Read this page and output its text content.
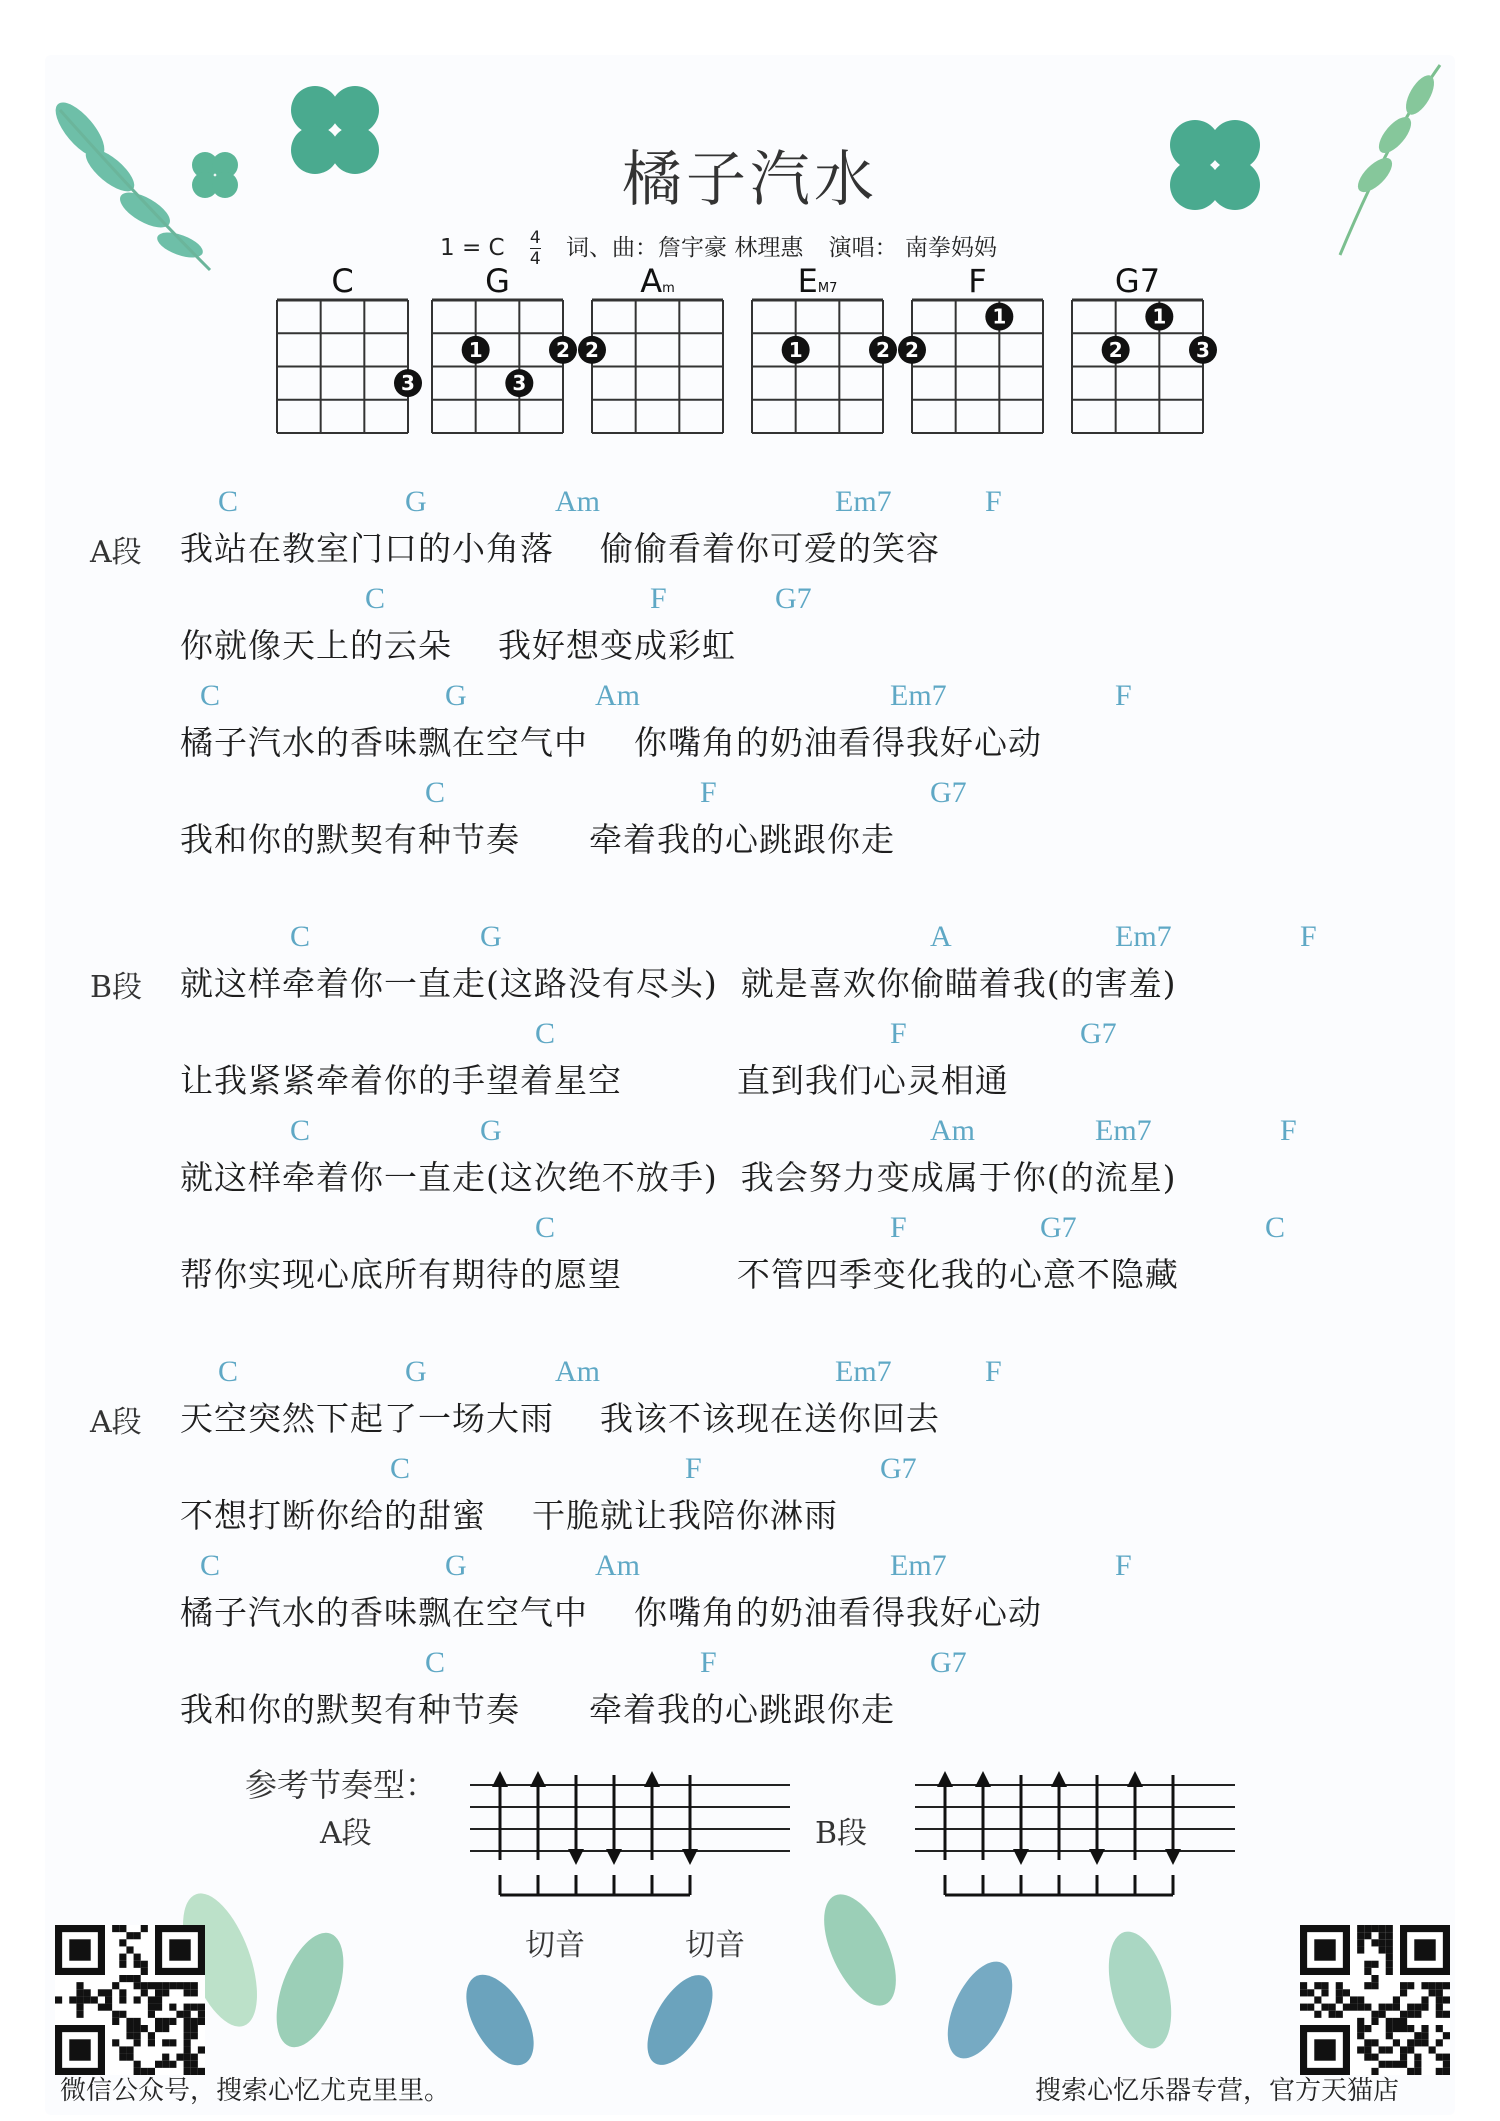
橘子汽水
1 = C $\frac{4}{4}$ 词、曲：詹宇豪 林理惠 演唱： 南拳妈妈
C
3
G
1	2
3
Am
2
EM7
1	2
F
1
2
G7
1
2	3
A段
C	G	Am	Em7	F
我站在教室门口的小角落    偷偷看着你可爱的笑容
C	F	G7
你就像天上的云朵    我好想变成彩虹
C	G	Am	Em7	F
橘子汽水的香味飘在空气中    你嘴角的奶油看得我好心动
C	F	G7
我和你的默契有种节奏      牵着我的心跳跟你走
B段
C	G	A	Em7	F
就这样牵着你一直走(这路没有尽头)  就是喜欢你偷瞄着我(的害羞)
C	F	G7
让我紧紧牵着你的手望着星空          直到我们心灵相通
C	G	Am	Em7	F
就这样牵着你一直走(这次绝不放手)  我会努力变成属于你(的流星)
C	F	G7	C
帮你实现心底所有期待的愿望          不管四季变化我的心意不隐藏
A段
C	G	Am	Em7	F
天空突然下起了一场大雨    我该不该现在送你回去
C	F	G7
不想打断你给的甜蜜    干脆就让我陪你淋雨
C	G	Am	Em7	F
橘子汽水的香味飘在空气中    你嘴角的奶油看得我好心动
C	F	G7
我和你的默契有种节奏      牵着我的心跳跟你走
参考节奏型：
A段	B段
切音	切音
微信公众号，搜索心忆尤克里里。	搜索心忆乐器专营，官方天猫店
